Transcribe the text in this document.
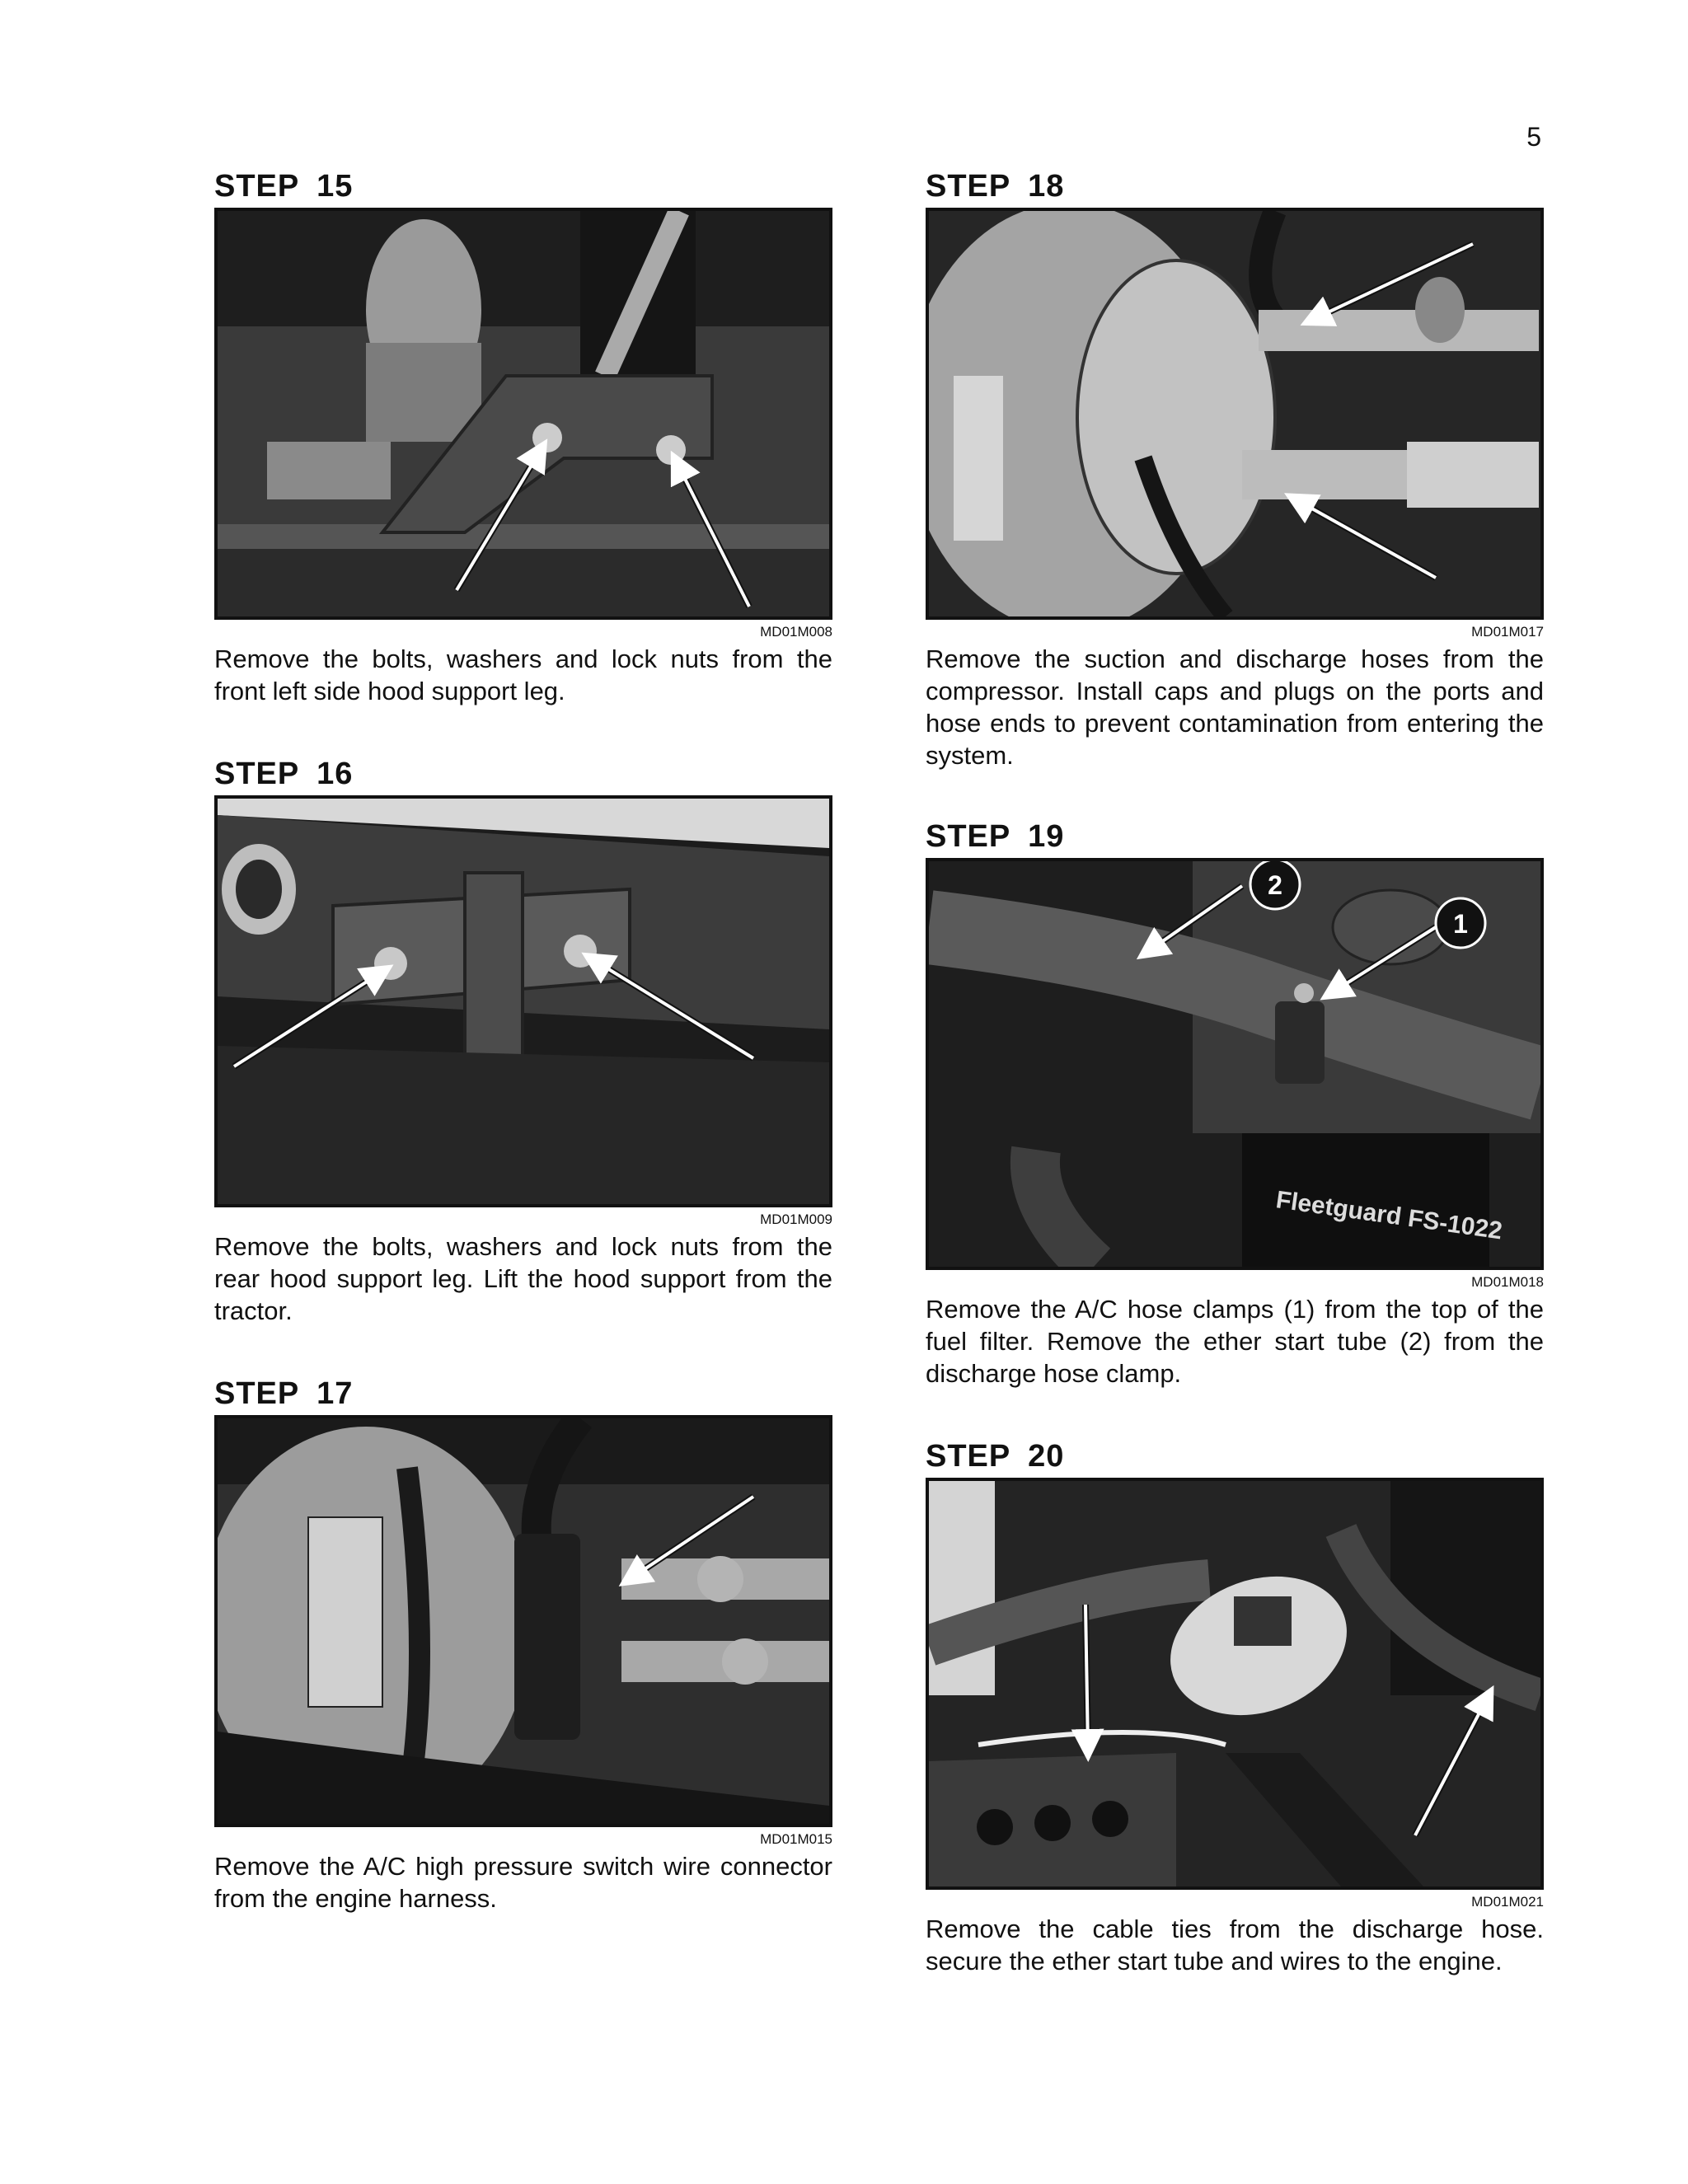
5
STEP 15
MD01M008

Remove the bolts, washers and lock nuts from the front left side hood support leg.

STEP 16
MD01M009

Remove the bolts, washers and lock nuts from the rear hood support leg. Lift the hood support from the tractor.

STEP 17
MD01M015

Remove the A/C high pressure switch wire connector from the engine harness.

STEP 18
MD01M017

Remove the suction and discharge hoses from the compressor. Install caps and plugs on the ports and hose ends to prevent contamination from entering the system.

STEP 19
Fleetguard FS-1022
2
1
MD01M018

Remove the A/C hose clamps (1) from the top of the fuel filter. Remove the ether start tube (2) from the discharge hose clamp.

STEP 20
MD01M021

Remove the cable ties from the discharge hose. secure the ether start tube and wires to the engine.
